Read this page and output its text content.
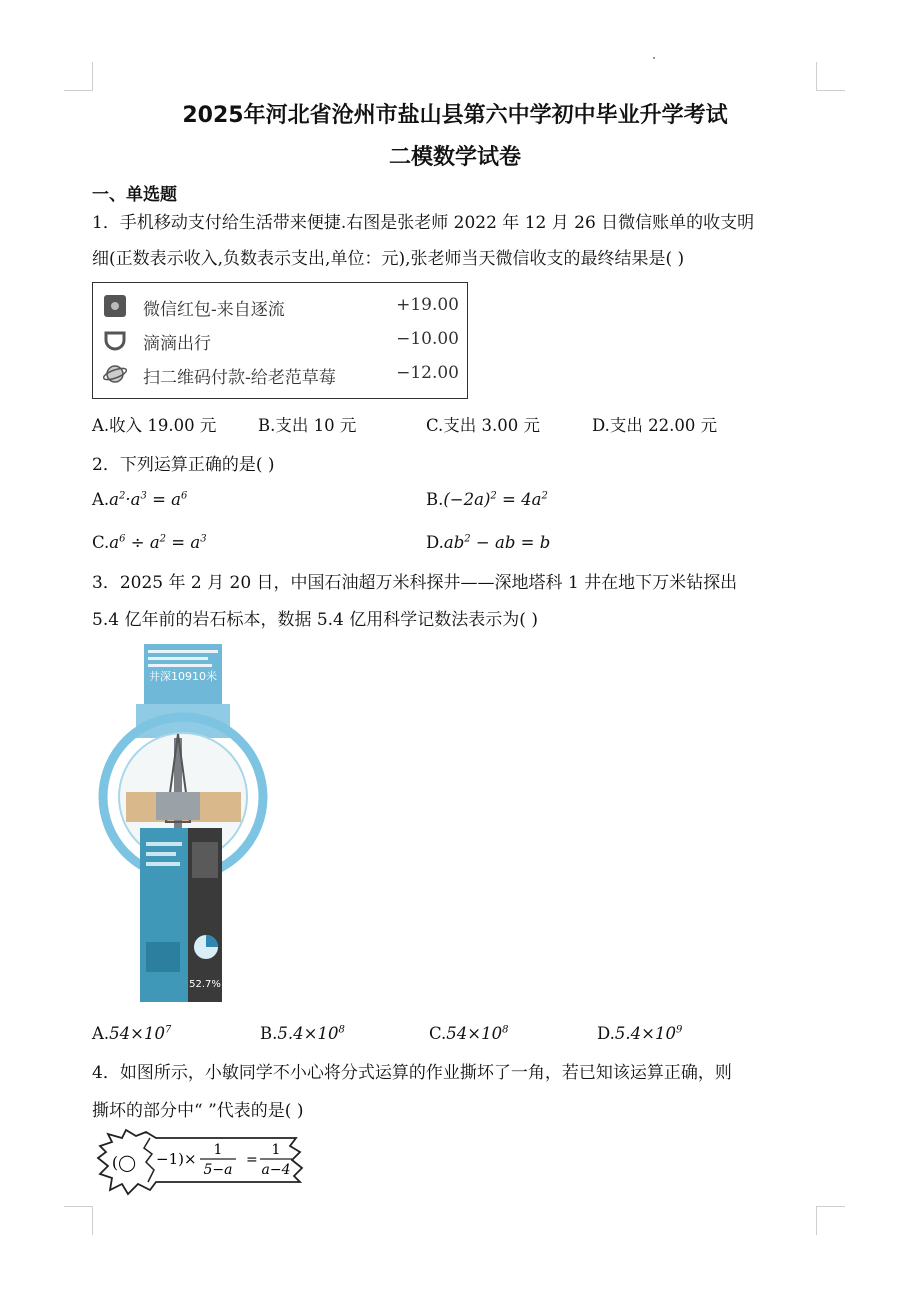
2025年河北省沧州市盐山县第六中学初中毕业升学考试
二模数学试卷
一、单选题
1．手机移动支付给生活带来便捷.右图是张老师 2022 年 12 月 26 日微信账单的收支明
细(正数表示收入,负数表示支出,单位：元),张老师当天微信收支的最终结果是( )
微信红包-来自逐流	+19.00
滴滴出行	−10.00
扫二维码付款-给老范草莓	−12.00
A.收入 19.00 元	B.支出 10 元	C.支出 3.00 元	D.支出 22.00 元
2．下列运算正确的是( )
$A.a^2\cdot a^3 = a^6$	$B.(-2a)^2 = 4a^2$
$C.a^6 \div a^2 = a^3$	$D.ab^2$ − ab = b
3．2025 年 2 月 20 日，中国石油超万米科探井——深地塔科 1 井在地下万米钻探出
5.4 亿年前的岩石标本，数据 5.4 亿用科学记数法表示为( )
井深10910米
52.7%
$A.54\times 10^7$	$B.5.4\times 10^8$	$C.54\times 10^8$	$D.5.4\times 10^9$
4．如图所示，小敏同学不小心将分式运算的作业撕坏了一角，若已知该运算正确，则
撕坏的部分中“ ”代表的是( )
(◯ −1)× 1
5−a
=
1
a−4
